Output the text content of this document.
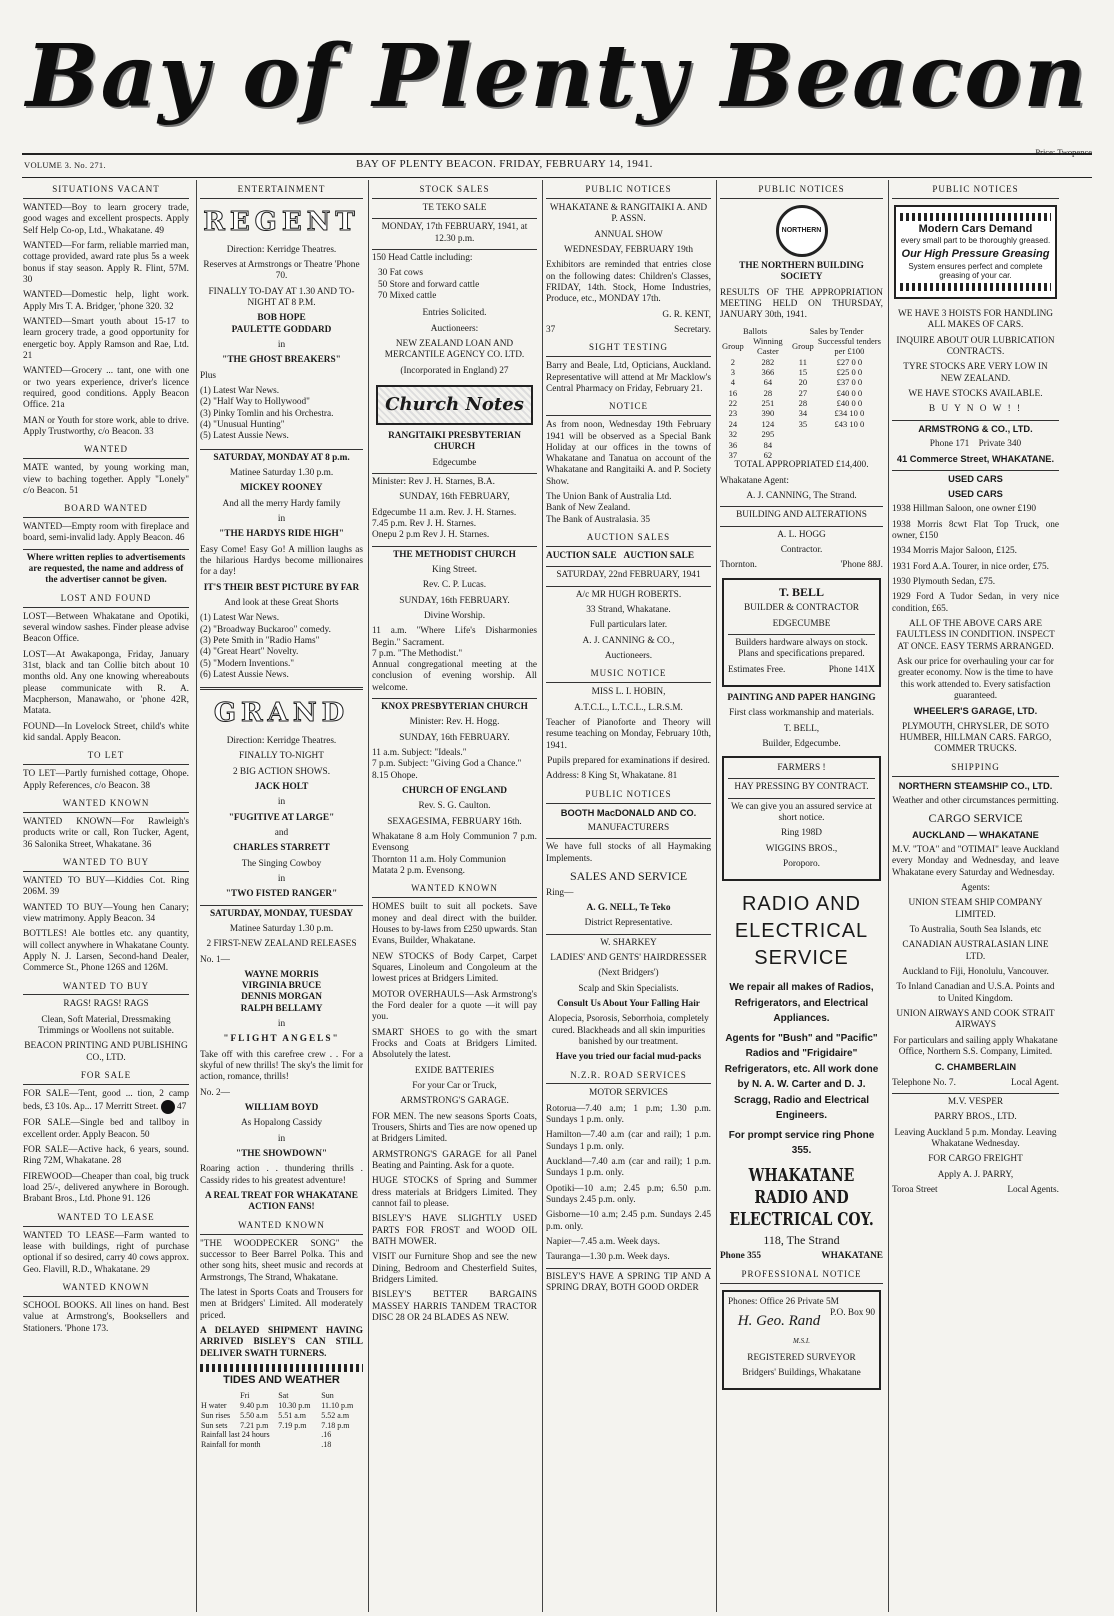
Bay of Plenty Beacon
VOLUME 3. No. 271.	BAY OF PLENTY BEACON. FRIDAY, FEBRUARY 14, 1941.
Price: Twopence
SITUATIONS VACANT

WANTED—Boy to learn grocery trade, good wages and excellent prospects. Apply Self Help Co-op, Ltd., Whakatane. 49

WANTED—For farm, reliable married man, cottage provided, award rate plus 5s a week bonus if stay season. Apply R. Flint, 57M. 30

WANTED—Domestic help, light work. Apply Mrs T. A. Bridger, 'phone 320. 32

WANTED—Smart youth about 15-17 to learn grocery trade, a good opportunity for energetic boy. Apply Ramson and Rae, Ltd. 21

WANTED—Grocery ... tant, one with one or two years experience, driver's licence required, good conditions. Apply Beacon Office. 21a

MAN or Youth for store work, able to drive. Apply Trustworthy, c/o Beacon. 33

WANTED

MATE wanted, by young working man, view to baching together. Apply "Lonely" c/o Beacon. 51

BOARD WANTED

WANTED—Empty room with fireplace and board, semi-invalid lady. Apply Beacon. 46

Where written replies to advertisements are requested, the name and address of the advertiser cannot be given.

LOST AND FOUND

LOST—Between Whakatane and Opotiki, several window sashes. Finder please advise Beacon Office.

LOST—At Awakaponga, Friday, January 31st, black and tan Collie bitch about 10 months old. Any one knowing whereabouts please communicate with R. A. Macpherson, Manawaho, or 'phone 42R, Matata.

FOUND—In Lovelock Street, child's white kid sandal. Apply Beacon.

TO LET

TO LET—Partly furnished cottage, Ohope. Apply References, c/o Beacon. 38

WANTED KNOWN

WANTED KNOWN—For Rawleigh's products write or call, Ron Tucker, Agent, 36 Salonika Street, Whakatane. 36

WANTED TO BUY

WANTED TO BUY—Kiddies Cot. Ring 206M. 39

WANTED TO BUY—Young hen Canary; view matrimony. Apply Beacon. 34

BOTTLES! Ale bottles etc. any quantity, will collect anywhere in Whakatane County. Apply N. J. Larsen, Second-hand Dealer, Commerce St., Phone 126S and 126M.

WANTED TO BUY

RAGS! RAGS! RAGS

Clean, Soft Material, Dressmaking Trimmings or Woollens not suitable.

BEACON PRINTING AND PUBLISHING CO., LTD.

FOR SALE

FOR SALE—Tent, good ... tion, 2 camp beds, £3 10s. Ap... 17 Merritt Street. 47

FOR SALE—Single bed and tallboy in excellent order. Apply Beacon. 50

FOR SALE—Active hack, 6 years, sound. Ring 72M, Whakatane. 28

FIREWOOD—Cheaper than coal, big truck load 25/-, delivered anywhere in Borough. Brabant Bros., Ltd. Phone 91. 126

WANTED TO LEASE

WANTED TO LEASE—Farm wanted to lease with buildings, right of purchase optional if so desired, carry 40 cows approx. Geo. Flavill, R.D., Whakatane. 29

WANTED KNOWN

SCHOOL BOOKS. All lines on hand. Best value at Armstrong's, Booksellers and Stationers. 'Phone 173.

ENTERTAINMENT
REGENT

Direction: Kerridge Theatres.

Reserves at Armstrongs or Theatre 'Phone 70.

FINALLY TO-DAY AT 1.30 AND TO-NIGHT AT 8 P.M.

BOB HOPE
PAULETTE GODDARD

in

"THE GHOST BREAKERS"

Plus

(1) Latest War News.
(2) "Half Way to Hollywood"
(3) Pinky Tomlin and his Orchestra.
(4) "Unusual Hunting"
(5) Latest Aussie News.

SATURDAY, MONDAY AT 8 p.m.

Matinee Saturday 1.30 p.m.

MICKEY ROONEY

And all the merry Hardy family

in

"THE HARDYS RIDE HIGH"

Easy Come! Easy Go! A million laughs as the hilarious Hardys become millionaires for a day!

IT'S THEIR BEST PICTURE BY FAR

And look at these Great Shorts

(1) Latest War News.
(2) "Broadway Buckaroo" comedy.
(3) Pete Smith in "Radio Hams"
(4) "Great Heart" Novelty.
(5) "Modern Inventions."
(6) Latest Aussie News.
GRAND

Direction: Kerridge Theatres.

FINALLY TO-NIGHT

2 BIG ACTION SHOWS.

JACK HOLT

in

"FUGITIVE AT LARGE"

and

CHARLES STARRETT

The Singing Cowboy

in

"TWO FISTED RANGER"

SATURDAY, MONDAY, TUESDAY

Matinee Saturday 1.30 p.m.

2 FIRST-NEW ZEALAND RELEASES

No. 1—

WAYNE MORRIS
VIRGINIA BRUCE
DENNIS MORGAN
RALPH BELLAMY

in

"FLIGHT ANGELS"

Take off with this carefree crew . . For a skyful of new thrills! The sky's the limit for action, romance, thrills!

No. 2—

WILLIAM BOYD

As Hopalong Cassidy

in

"THE SHOWDOWN"

Roaring action . . thundering thrills . Cassidy rides to his greatest adventure!

A REAL TREAT FOR WHAKATANE ACTION FANS!

WANTED KNOWN

"THE WOODPECKER SONG" the successor to Beer Barrel Polka. This and other song hits, sheet music and records at Armstrongs, The Strand, Whakatane.

The latest in Sports Coats and Trousers for men at Bridgers' Limited. All moderately priced.

A DELAYED SHIPMENT HAVING ARRIVED BISLEY'S CAN STILL DELIVER SWATH TURNERS.

TIDES AND WEATHER

	Fri	Sat	Sun
H water	9.40 p.m	10.30 p.m	11.10 p.m
Sun rises	5.50 a.m	5.51 a.m	5.52 a.m
Sun sets	7.21 p.m	7.19 p.m	7.18 p.m
Rainfall last 24 hours			.16
Rainfall for month			.18
STOCK SALES

TE TEKO SALE

MONDAY, 17th FEBRUARY, 1941, at 12.30 p.m.

150 Head Cattle including:

30 Fat cows
50 Store and forward cattle
70 Mixed cattle

Entries Solicited.

Auctioneers:

NEW ZEALAND LOAN AND MERCANTILE AGENCY CO. LTD.

(Incorporated in England) 27

Church Notes

RANGITAIKI PRESBYTERIAN CHURCH

Edgecumbe

Minister: Rev J. H. Starnes, B.A.

SUNDAY, 16th FEBRUARY,

Edgecumbe 11 a.m. Rev. J. H. Starnes.
7.45 p.m. Rev J. H. Starnes.
Onepu 2 p.m Rev J. H. Starnes.

THE METHODIST CHURCH

King Street.

Rev. C. P. Lucas.

SUNDAY, 16th FEBRUARY.

Divine Worship.

11 a.m. "Where Life's Disharmonies Begin." Sacrament.
7 p.m. "The Methodist."
Annual congregational meeting at the conclusion of evening worship. All welcome.

KNOX PRESBYTERIAN CHURCH

Minister: Rev. H. Hogg.

SUNDAY, 16th FEBRUARY.

11 a.m. Subject: "Ideals."
7 p.m. Subject: "Giving God a Chance."
8.15 Ohope.

CHURCH OF ENGLAND

Rev. S. G. Caulton.

SEXAGESIMA, FEBRUARY 16th.

Whakatane 8 a.m Holy Communion 7 p.m. Evensong
Thornton 11 a.m. Holy Communion
Matata 2 p.m. Evensong.

WANTED KNOWN

HOMES built to suit all pockets. Save money and deal direct with the builder. Houses to by-laws from £250 upwards. Stan Evans, Builder, Whakatane.

NEW STOCKS of Body Carpet, Carpet Squares, Linoleum and Congoleum at the lowest prices at Bridgers Limited.

MOTOR OVERHAULS—Ask Armstrong's the Ford dealer for a quote —it will pay you.

SMART SHOES to go with the smart Frocks and Coats at Bridgers Limited. Absolutely the latest.

EXIDE BATTERIES

For your Car or Truck,

ARMSTRONG'S GARAGE.

FOR MEN. The new seasons Sports Coats, Trousers, Shirts and Ties are now opened up at Bridgers Limited.

ARMSTRONG'S GARAGE for all Panel Beating and Painting. Ask for a quote.

HUGE STOCKS of Spring and Summer dress materials at Bridgers Limited. They cannot fail to please.

BISLEY'S HAVE SLIGHTLY USED PARTS FOR FROST and WOOD OIL BATH MOWER.

VISIT our Furniture Shop and see the new Dining, Bedroom and Chesterfield Suites, Bridgers Limited.

BISLEY'S BETTER BARGAINS MASSEY HARRIS TANDEM TRACTOR DISC 28 OR 24 BLADES AS NEW.

PUBLIC NOTICES

WHAKATANE & RANGITAIKI A. AND P. ASSN.

ANNUAL SHOW

WEDNESDAY, FEBRUARY 19th

Exhibitors are reminded that entries close on the following dates: Children's Classes, FRIDAY, 14th. Stock, Home Industries, Produce, etc., MONDAY 17th.

G. R. KENT,

37	Secretary.

SIGHT TESTING

Barry and Beale, Ltd, Opticians, Auckland. Representative will attend at Mr Macklow's Central Pharmacy on Friday, February 21.

NOTICE

As from noon, Wednesday 19th February 1941 will be observed as a Special Bank Holiday at our offices in the towns of Whakatane and Tanatua on account of the Whakatane and Rangitaiki A. and P. Society Show.

The Union Bank of Australia Ltd.
Bank of New Zealand.
The Bank of Australasia. 35

AUCTION SALES

AUCTION SALE AUCTION SALE

SATURDAY, 22nd FEBRUARY, 1941

A/c MR HUGH ROBERTS.

33 Strand, Whakatane.

Full particulars later.

A. J. CANNING & CO.,

Auctioneers.

MUSIC NOTICE

MISS L. I. HOBIN,

A.T.C.L., L.T.C.L., L.R.S.M.

Teacher of Pianoforte and Theory will resume teaching on Monday, February 10th, 1941.

Pupils prepared for examinations if desired.

Address: 8 King St, Whakatane. 81

PUBLIC NOTICES

BOOTH MacDONALD AND CO.

MANUFACTURERS

We have full stocks of all Haymaking Implements.

SALES AND SERVICE

Ring—

A. G. NELL, Te Teko

District Representative.

W. SHARKEY

LADIES' AND GENTS' HAIRDRESSER

(Next Bridgers')

Scalp and Skin Specialists.

Consult Us About Your Falling Hair

Alopecia, Psorosis, Seborrhoia, completely cured. Blackheads and all skin impurities banished by our treatment.

Have you tried our facial mud-packs

N.Z.R. ROAD SERVICES

MOTOR SERVICES

Rotorua—7.40 a.m; 1 p.m; 1.30 p.m. Sundays 1 p.m. only.

Hamilton—7.40 a.m (car and rail); 1 p.m. Sundays 1 p.m. only.

Auckland—7.40 a.m (car and rail); 1 p.m. Sundays 1 p.m. only.

Opotiki—10 a.m; 2.45 p.m; 6.50 p.m. Sundays 2.45 p.m. only.

Gisborne—10 a.m; 2.45 p.m. Sundays 2.45 p.m. only.

Napier—7.45 a.m. Week days.

Tauranga—1.30 p.m. Week days.

BISLEY'S HAVE A SPRING TIP AND A SPRING DRAY, BOTH GOOD ORDER

PUBLIC NOTICES
NORTHERN

THE NORTHERN BUILDING SOCIETY

RESULTS OF THE APPROPRIATION MEETING HELD ON THURSDAY, JANUARY 30th, 1941.

Ballots		Sales by Tender	
Group	Winning Caster	Group	Successful tenders per £100
2	282	11	£27 0 0
3	366	15	£25 0 0
4	64	20	£37 0 0
16	28	27	£40 0 0
22	251	28	£40 0 0
23	390	34	£34 10 0
24	124	35	£43 10 0
32	295		
36	84		
37	62		

TOTAL APPROPRIATED £14,400.

Whakatane Agent:

A. J. CANNING, The Strand.

BUILDING AND ALTERATIONS

A. L. HOGG

Contractor.

Thornton.	'Phone 88J.

T. BELL

BUILDER & CONTRACTOR

EDGECUMBE

Builders hardware always on stock. Plans and specifications prepared.

Estimates Free.	Phone 141X

PAINTING AND PAPER HANGING

First class workmanship and materials.

T. BELL,

Builder, Edgecumbe.

FARMERS !

HAY PRESSING BY CONTRACT.

We can give you an assured service at short notice.

Ring 198D

WIGGINS BROS.,

Poroporo.

RADIO AND ELECTRICAL SERVICE

We repair all makes of Radios, Refrigerators, and Electrical Appliances.

Agents for "Bush" and "Pacific" Radios and "Frigidaire" Refrigerators, etc. All work done by N. A. W. Carter and D. J. Scragg, Radio and Electrical Engineers.

For prompt service ring Phone 355.

WHAKATANE RADIO AND ELECTRICAL COY.

118, The Strand

Phone 355	WHAKATANE

PROFESSIONAL NOTICE

Phones: Office 26 Private 5M
P.O. Box 90

H. Geo. Rand M.S.I.

REGISTERED SURVEYOR

Bridgers' Buildings, Whakatane

PUBLIC NOTICES
Modern Cars Demand
every small part to be thoroughly greased.
Our High Pressure Greasing
System ensures perfect and complete greasing of your car.

WE HAVE 3 HOISTS FOR HANDLING ALL MAKES OF CARS.

INQUIRE ABOUT OUR LUBRICATION CONTRACTS.

TYRE STOCKS ARE VERY LOW IN NEW ZEALAND.

WE HAVE STOCKS AVAILABLE.

B U Y N O W ! !

ARMSTRONG & CO., LTD.

Phone 171 Private 340

41 Commerce Street, WHAKATANE.

USED CARS

USED CARS

1938 Hillman Saloon, one owner £190

1938 Morris 8cwt Flat Top Truck, one owner, £150

1934 Morris Major Saloon, £125.

1931 Ford A.A. Tourer, in nice order, £75.

1930 Plymouth Sedan, £75.

1929 Ford A Tudor Sedan, in very nice condition, £65.

ALL OF THE ABOVE CARS ARE FAULTLESS IN CONDITION. INSPECT AT ONCE. EASY TERMS ARRANGED.

Ask our price for overhauling your car for greater economy. Now is the time to have this work attended to. Every satisfaction guaranteed.

WHEELER'S GARAGE, LTD.

PLYMOUTH, CHRYSLER, DE SOTO HUMBER, HILLMAN CARS. FARGO, COMMER TRUCKS.

SHIPPING

NORTHERN STEAMSHIP CO., LTD.

Weather and other circumstances permitting.

CARGO SERVICE

AUCKLAND — WHAKATANE

M.V. "TOA" and "OTIMAI" leave Auckland every Monday and Wednesday, and leave Whakatane every Saturday and Wednesday.

Agents:

UNION STEAM SHIP COMPANY LIMITED.

To Australia, South Sea Islands, etc

CANADIAN AUSTRALASIAN LINE LTD.

Auckland to Fiji, Honolulu, Vancouver.

To Inland Canadian and U.S.A. Points and to United Kingdom.

UNION AIRWAYS AND COOK STRAIT AIRWAYS

For particulars and sailing apply Whakatane Office, Northern S.S. Company, Limited.

C. CHAMBERLAIN

Telephone No. 7.	Local Agent.

M.V. VESPER

PARRY BROS., LTD.

Leaving Auckland 5 p.m. Monday. Leaving Whakatane Wednesday.

FOR CARGO FREIGHT

Apply A. J. PARRY,

Toroa Street	Local Agents.
